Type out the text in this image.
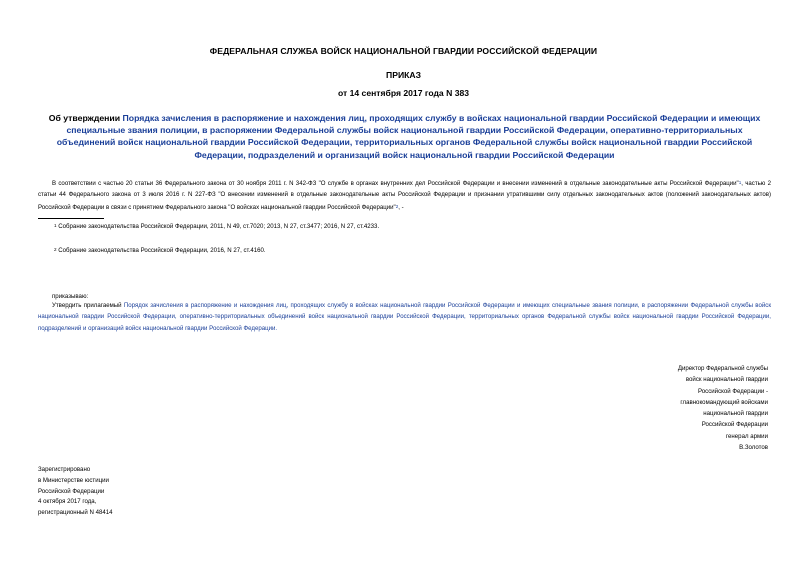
ФЕДЕРАЛЬНАЯ СЛУЖБА ВОЙСК НАЦИОНАЛЬНОЙ ГВАРДИИ РОССИЙСКОЙ ФЕДЕРАЦИИ
ПРИКАЗ
от 14 сентября 2017 года N 383
Об утверждении Порядка зачисления в распоряжение и нахождения лиц, проходящих службу в войсках национальной гвардии Российской Федерации и имеющих специальные звания полиции, в распоряжении Федеральной службы войск национальной гвардии Российской Федерации, оперативно-территориальных объединений войск национальной гвардии Российской Федерации, территориальных органов Федеральной службы войск национальной гвардии Российской Федерации, подразделений и организаций войск национальной гвардии Российской Федерации
В соответствии с частью 20 статьи 36 Федерального закона от 30 ноября 2011 г. N 342-ФЗ "О службе в органах внутренних дел Российской Федерации и внесении изменений в отдельные законодательные акты Российской Федерации"$^1$, частью 2 статьи 44 Федерального закона от 3 июля 2016 г. N 227-ФЗ "О внесении изменений в отдельные законодательные акты Российской Федерации и признании утратившими силу отдельных законодательных актов (положений законодательных актов) Российской Федерации в связи с принятием Федерального закона "О войсках национальной гвардии Российской Федерации"$^2$, -
$^1$ Собрание законодательства Российской Федерации, 2011, N 49, ст.7020; 2013, N 27, ст.3477; 2016, N 27, ст.4233.
$^2$ Собрание законодательства Российской Федерации, 2016, N 27, ст.4160.
приказываю:
Утвердить прилагаемый Порядок зачисления в распоряжение и нахождения лиц, проходящих службу в войсках национальной гвардии Российской Федерации и имеющих специальные звания полиции, в распоряжении Федеральной службы войск национальной гвардии Российской Федерации, оперативно-территориальных объединений войск национальной гвардии Российской Федерации, территориальных органов Федеральной службы войск национальной гвардии Российской Федерации, подразделений и организаций войск национальной гвардии Российской Федерации.
Директор Федеральной службы
войск национальной гвардии
Российской Федерации -
главнокомандующий войсками
национальной гвардии
Российской Федерации
генерал армии
В.Золотов
Зарегистрировано
в Министерстве юстиции
Российской Федерации
4 октября 2017 года,
регистрационный N 48414
